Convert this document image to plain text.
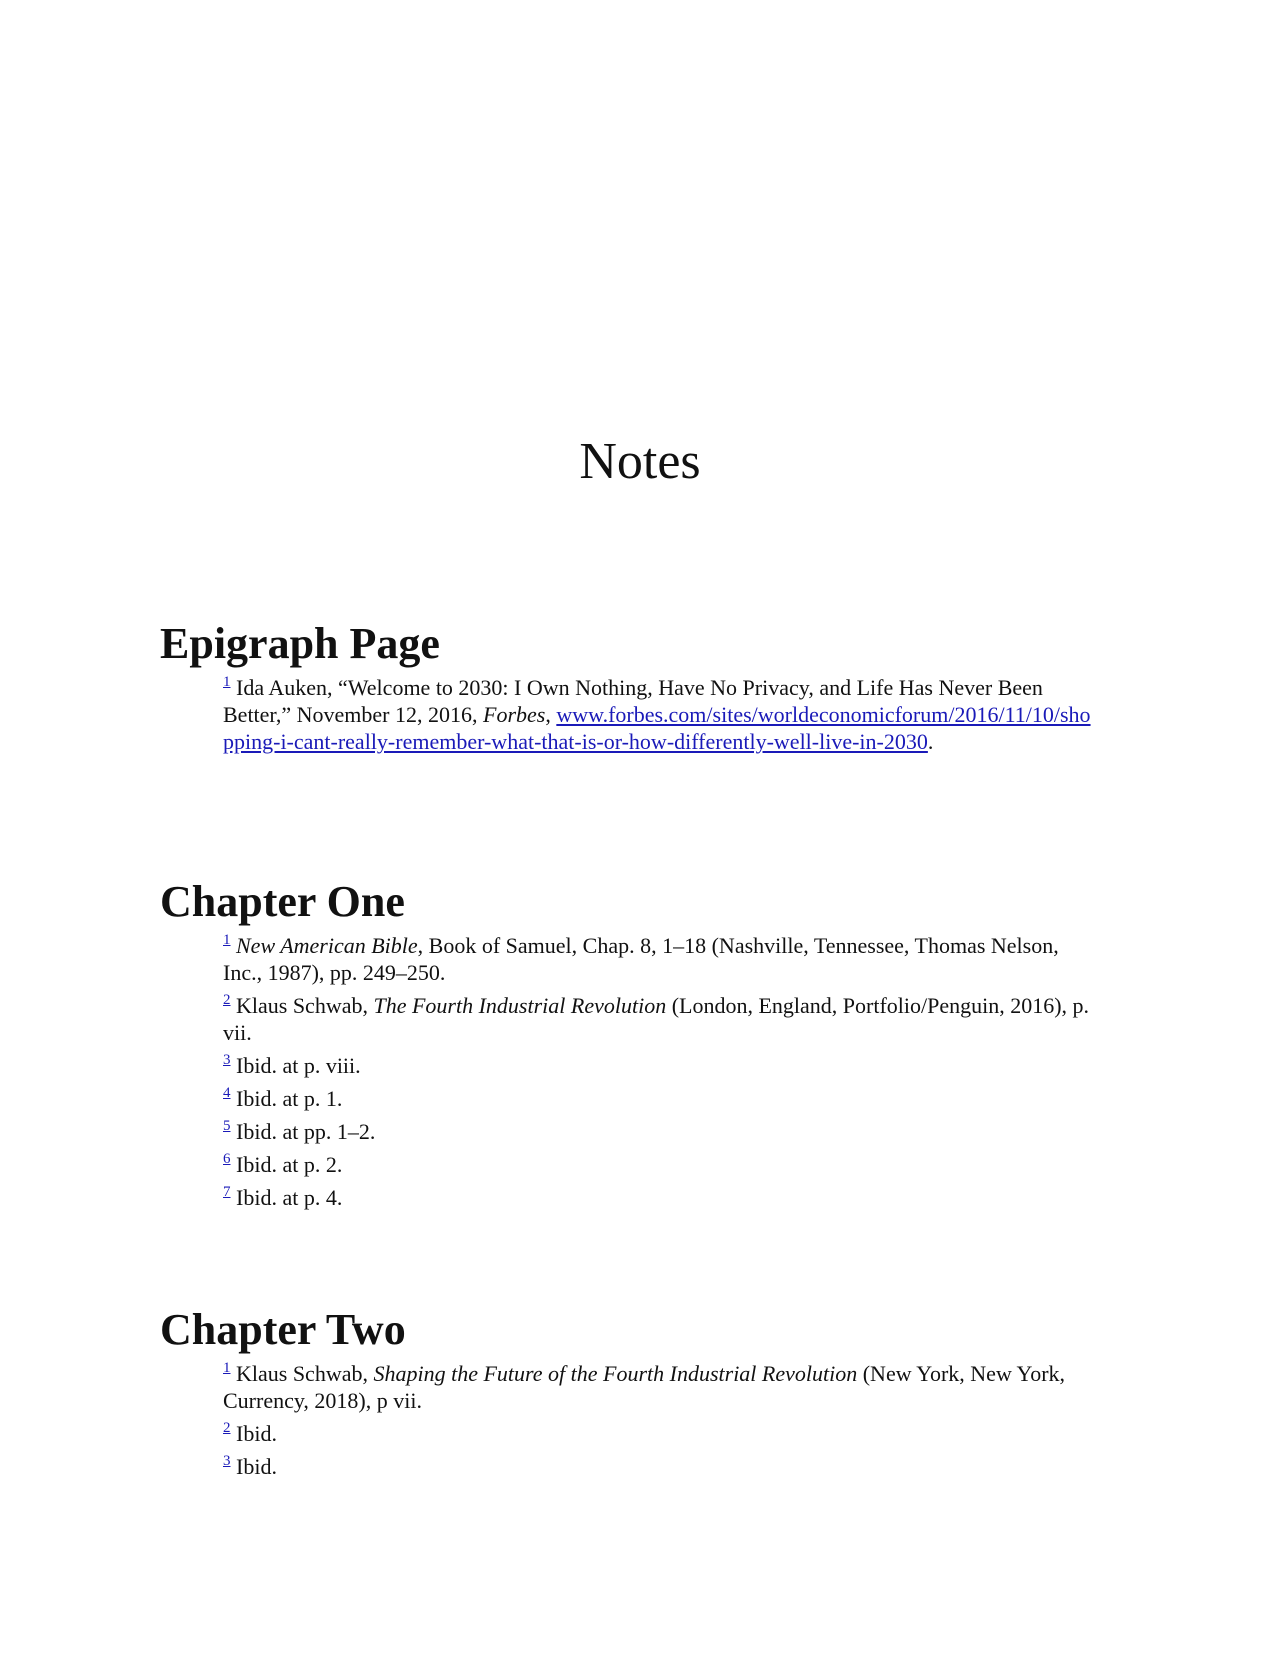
Notes
Epigraph Page

$^1$ Ida Auken, “Welcome to 2030: I Own Nothing, Have No Privacy, and Life Has Never Been Better,” November 12, 2016, Forbes, www.forbes.com/sites/worldeconomicforum/2016/11/10/shopping-i-cant-really-remember-what-that-is-or-how-differently-well-live-in-2030.

Chapter One

$^1$ New American Bible, Book of Samuel, Chap. 8, 1–18 (Nashville, Tennessee, Thomas Nelson, Inc., 1987), pp. 249–250.

$^2$ Klaus Schwab, The Fourth Industrial Revolution (London, England, Portfolio/Penguin, 2016), p. vii.

$^3$ Ibid. at p. viii.

$^4$ Ibid. at p. 1.

$^5$ Ibid. at pp. 1–2.

$^6$ Ibid. at p. 2.

$^7$ Ibid. at p. 4.

Chapter Two

$^1$ Klaus Schwab, Shaping the Future of the Fourth Industrial Revolution (New York, New York, Currency, 2018), p vii.

$^2$ Ibid.

$^3$ Ibid.
